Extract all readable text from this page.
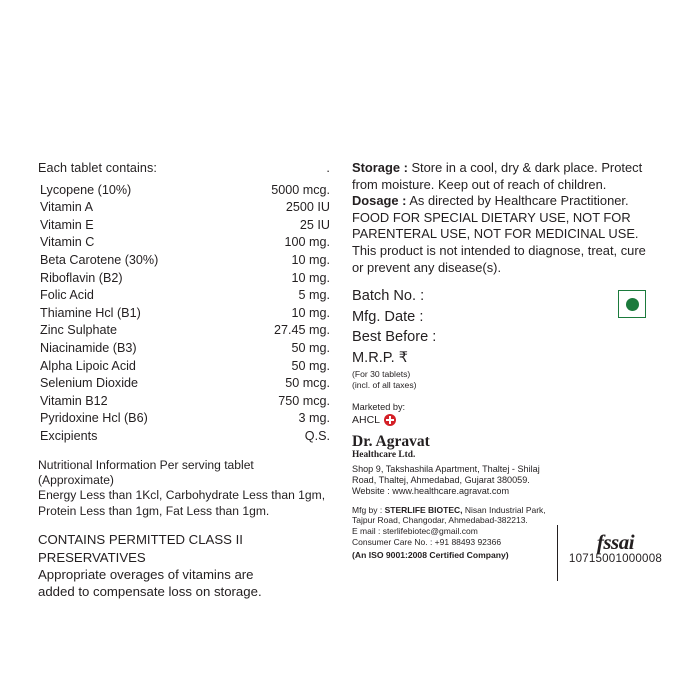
Each tablet contains:	.
Lycopene (10%)	5000 mcg.
Vitamin A	2500 IU
Vitamin E	25 IU
Vitamin C	100 mg.
Beta Carotene (30%)	10 mg.
Riboflavin (B2)	10 mg.
Folic Acid	5 mg.
Thiamine Hcl (B1)	10 mg.
Zinc Sulphate	27.45 mg.
Niacinamide (B3)	50 mg.
Alpha Lipoic Acid	50 mg.
Selenium Dioxide	50 mcg.
Vitamin B12	750 mcg.
Pyridoxine Hcl (B6)	3 mg.
Excipients	Q.S.
Nutritional Information Per serving tablet (Approximate)
Energy Less than 1Kcl, Carbohydrate Less than 1gm,
Protein Less than 1gm, Fat Less than 1gm.
CONTAINS PERMITTED CLASS II PRESERVATIVES
Appropriate overages of vitamins are
added to compensate loss on storage.
Storage : Store in a cool, dry & dark place. Protect
from moisture. Keep out of reach of children.
Dosage : As directed by Healthcare Practitioner.
FOOD FOR SPECIAL DIETARY USE, NOT FOR
PARENTERAL USE, NOT FOR MEDICINAL USE.
This product is not intended to diagnose, treat, cure
or prevent any disease(s).
Batch No. :
Mfg. Date :
Best Before :
M.R.P. ₹
(For 30 tablets)
(incl. of all taxes)
Marketed by:
AHCL
Dr. Agravat
Healthcare Ltd.
Shop 9, Takshashila Apartment, Thaltej - Shilaj
Road, Thaltej, Ahmedabad, Gujarat 380059.
Website : www.healthcare.agravat.com
Mfg by : STERLIFE BIOTEC, Nisan Industrial Park,
Tajpur Road, Changodar, Ahmedabad-382213.
E mail : sterlifebiotec@gmail.com
Consumer Care No. : +91 88493 92366
(An ISO 9001:2008 Certified Company)
fssai
10715001000008
